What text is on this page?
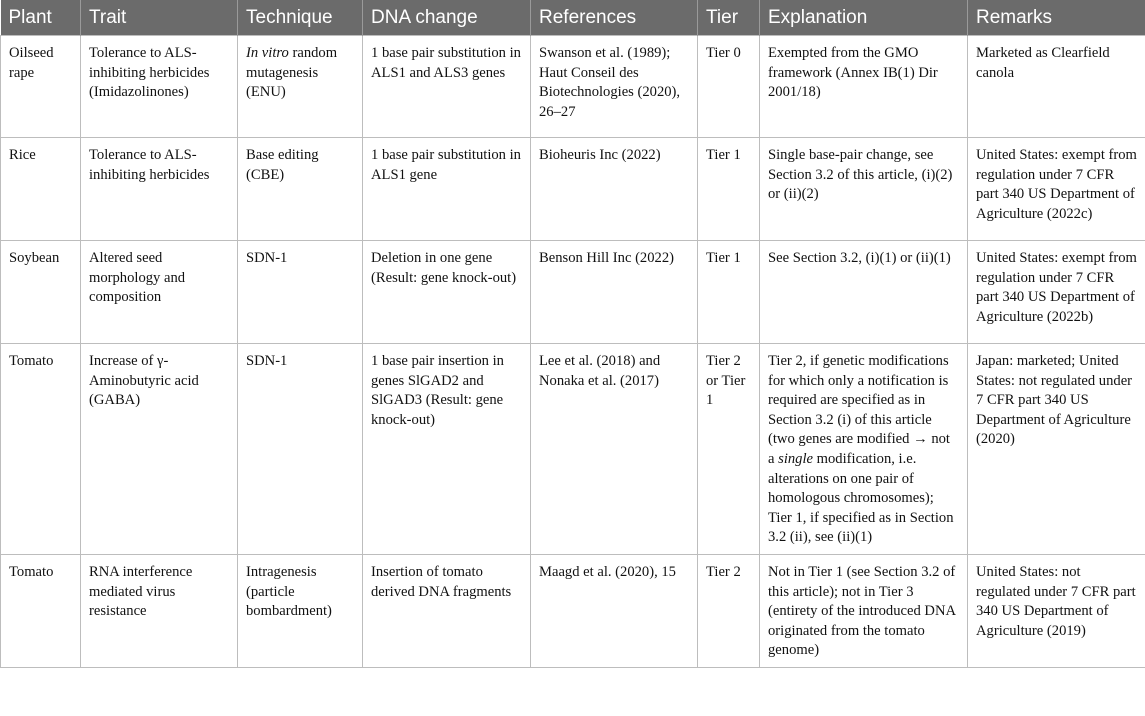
Plant	Trait	Technique	DNA change	References	Tier	Explanation	Remarks
Oilseed rape	Tolerance to ALS-inhibiting herbicides (Imidazolinones)	In vitro random mutagenesis (ENU)	1 base pair substitution in ALS1 and ALS3 genes	Swanson et al. (1989); Haut Conseil des Biotechnologies (2020), 26–27	Tier 0	Exempted from the GMO framework (Annex IB(1) Dir 2001/18)	Marketed as Clearfield canola
Rice	Tolerance to ALS-inhibiting herbicides	Base editing (CBE)	1 base pair substitution in ALS1 gene	Bioheuris Inc (2022)	Tier 1	Single base-pair change, see Section 3.2 of this article, (i)(2) or (ii)(2)	United States: exempt from regulation under 7 CFR part 340 US Department of Agriculture (2022c)
Soybean	Altered seed morphology and composition	SDN-1	Deletion in one gene (Result: gene knock-out)	Benson Hill Inc (2022)	Tier 1	See Section 3.2, (i)(1) or (ii)(1)	United States: exempt from regulation under 7 CFR part 340 US Department of Agriculture (2022b)
Tomato	Increase of γ-Aminobutyric acid (GABA)	SDN-1	1 base pair insertion in genes SlGAD2 and SlGAD3 (Result: gene knock-out)	Lee et al. (2018) and Nonaka et al. (2017)	Tier 2 or Tier 1	Tier 2, if genetic modifications for which only a notification is required are specified as in Section 3.2 (i) of this article (two genes are modified → not a single modification, i.e. alterations on one pair of homologous chromosomes); Tier 1, if specified as in Section 3.2 (ii), see (ii)(1)	Japan: marketed; United States: not regulated under 7 CFR part 340 US Department of Agriculture (2020)
Tomato	RNA interference mediated virus resistance	Intragenesis (particle bombardment)	Insertion of tomato derived DNA fragments	Maagd et al. (2020), 15	Tier 2	Not in Tier 1 (see Section 3.2 of this article); not in Tier 3 (entirety of the introduced DNA originated from the tomato genome)	United States: not regulated under 7 CFR part 340 US Department of Agriculture (2019)
